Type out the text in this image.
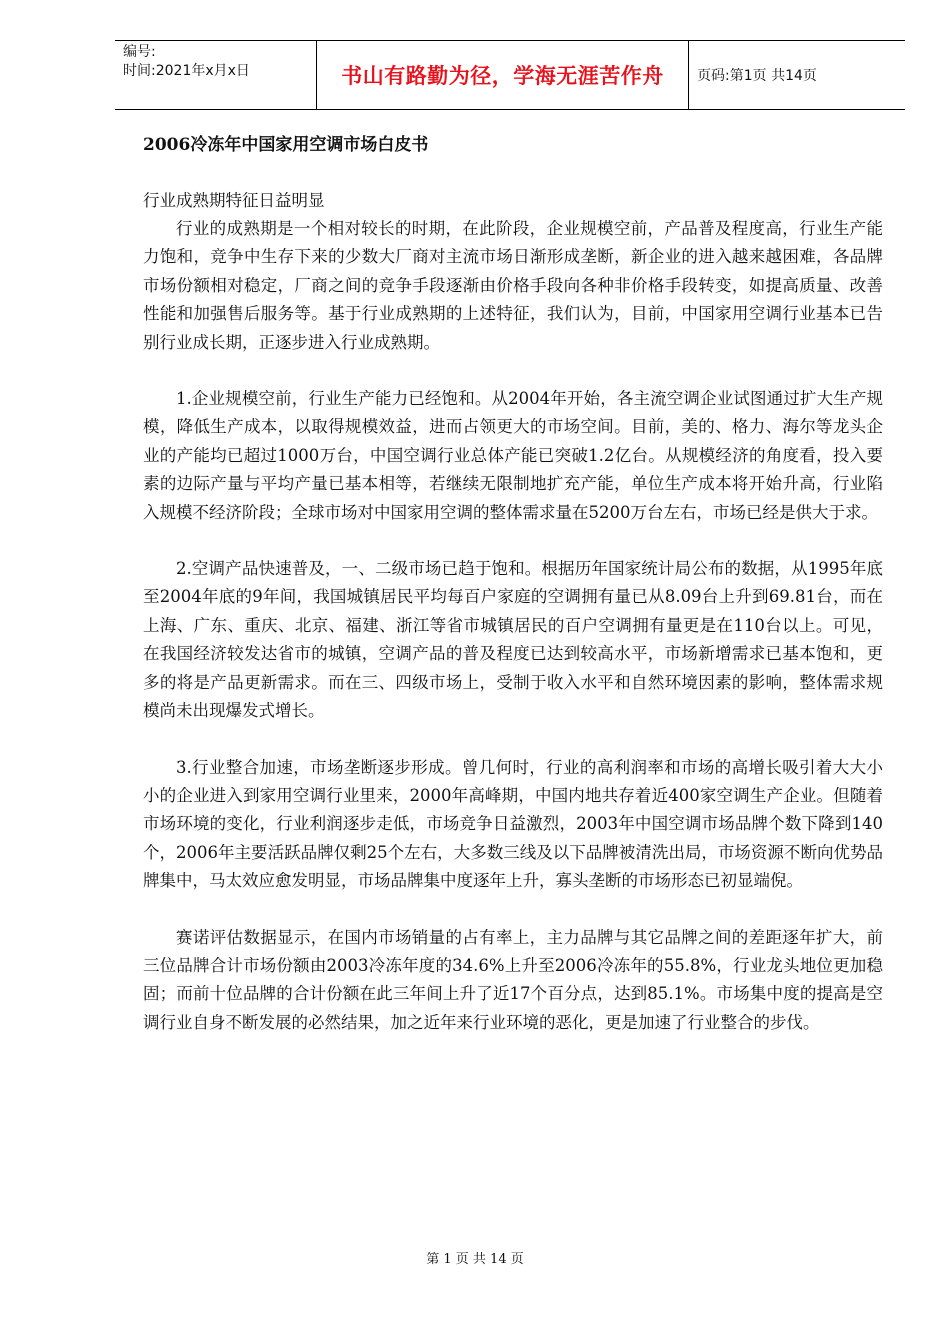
编号:
时间:2021年x月x日	书山有路勤为径，学海无涯苦作舟 页码:第1页 共14页
2006冷冻年中国家用空调市场白皮书

行业成熟期特征日益明显

行业的成熟期是一个相对较长的时期，在此阶段，企业规模空前，产品普及程度高，行业生产能力饱和，竞争中生存下来的少数大厂商对主流市场日渐形成垄断，新企业的进入越来越困难，各品牌市场份额相对稳定，厂商之间的竞争手段逐渐由价格手段向各种非价格手段转变，如提高质量、改善性能和加强售后服务等。基于行业成熟期的上述特征，我们认为，目前，中国家用空调行业基本已告别行业成长期，正逐步进入行业成熟期。

1.企业规模空前，行业生产能力已经饱和。从2004年开始，各主流空调企业试图通过扩大生产规模，降低生产成本，以取得规模效益，进而占领更大的市场空间。目前，美的、格力、海尔等龙头企业的产能均已超过1000万台，中国空调行业总体产能已突破1.2亿台。从规模经济的角度看，投入要素的边际产量与平均产量已基本相等，若继续无限制地扩充产能，单位生产成本将开始升高，行业陷入规模不经济阶段；全球市场对中国家用空调的整体需求量在5200万台左右，市场已经是供大于求。

2.空调产品快速普及，一、二级市场已趋于饱和。根据历年国家统计局公布的数据，从1995年底至2004年底的9年间，我国城镇居民平均每百户家庭的空调拥有量已从8.09台上升到69.81台，而在上海、广东、重庆、北京、福建、浙江等省市城镇居民的百户空调拥有量更是在110台以上。可见，在我国经济较发达省市的城镇，空调产品的普及程度已达到较高水平，市场新增需求已基本饱和，更多的将是产品更新需求。而在三、四级市场上，受制于收入水平和自然环境因素的影响，整体需求规模尚未出现爆发式增长。

3.行业整合加速，市场垄断逐步形成。曾几何时，行业的高利润率和市场的高增长吸引着大大小小的企业进入到家用空调行业里来，2000年高峰期，中国内地共存着近400家空调生产企业。但随着市场环境的变化，行业利润逐步走低，市场竞争日益激烈，2003年中国空调市场品牌个数下降到140个，2006年主要活跃品牌仅剩25个左右，大多数三线及以下品牌被清洗出局，市场资源不断向优势品牌集中，马太效应愈发明显，市场品牌集中度逐年上升，寡头垄断的市场形态已初显端倪。

赛诺评估数据显示，在国内市场销量的占有率上，主力品牌与其它品牌之间的差距逐年扩大，前三位品牌合计市场份额由2003冷冻年度的34.6%上升至2006冷冻年的55.8%，行业龙头地位更加稳固；而前十位品牌的合计份额在此三年间上升了近17个百分点，达到85.1%。市场集中度的提高是空调行业自身不断发展的必然结果，加之近年来行业环境的恶化，更是加速了行业整合的步伐。

第 1 页 共 14 页
